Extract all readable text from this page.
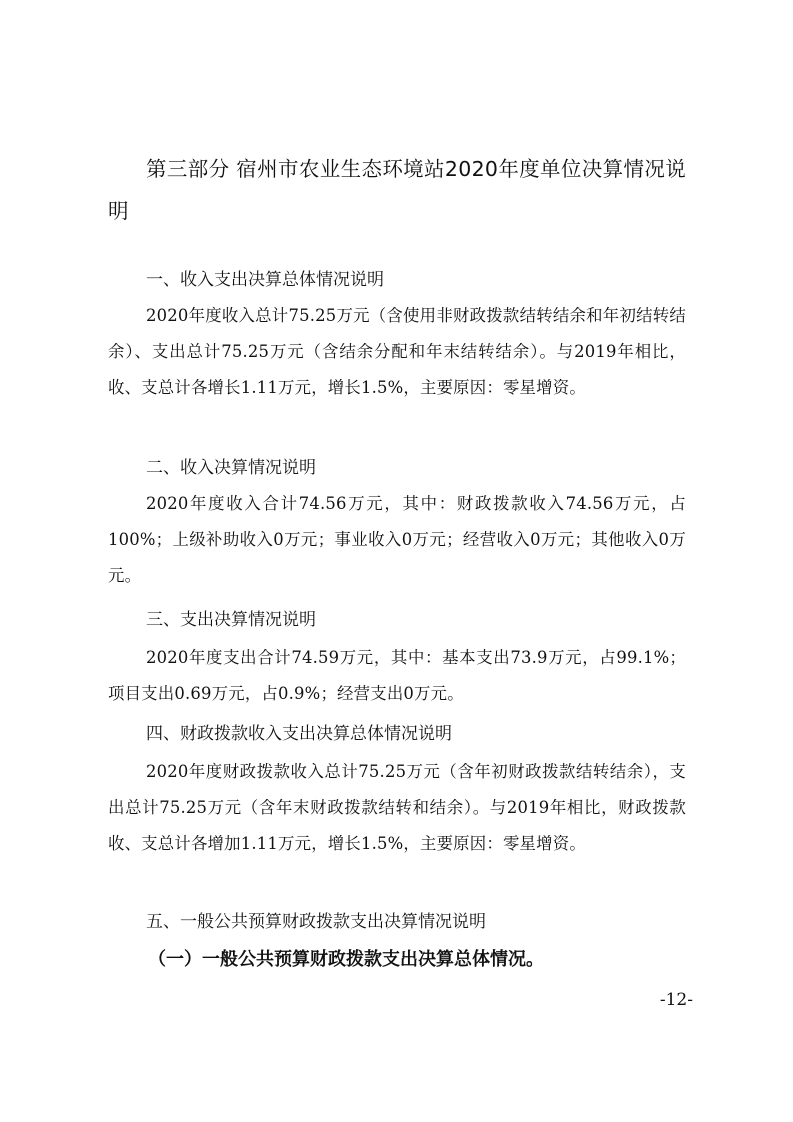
第三部分 宿州市农业生态环境站2020年度单位决算情况说明
一、收入支出决算总体情况说明
2020年度收入总计75.25万元（含使用非财政拨款结转结余和年初结转结余）、支出总计75.25万元（含结余分配和年末结转结余）。与2019年相比，收、支总计各增长1.11万元，增长1.5%，主要原因：零星增资。
二、收入决算情况说明
2020年度收入合计74.56万元，其中：财政拨款收入74.56万元，占100%；上级补助收入0万元；事业收入0万元；经营收入0万元；其他收入0万元。
三、支出决算情况说明
2020年度支出合计74.59万元，其中：基本支出73.9万元，占99.1%；项目支出0.69万元，占0.9%；经营支出0万元。
四、财政拨款收入支出决算总体情况说明
2020年度财政拨款收入总计75.25万元（含年初财政拨款结转结余），支出总计75.25万元（含年末财政拨款结转和结余）。与2019年相比，财政拨款收、支总计各增加1.11万元，增长1.5%，主要原因：零星增资。
五、一般公共预算财政拨款支出决算情况说明
（一）一般公共预算财政拨款支出决算总体情况。
-12-
